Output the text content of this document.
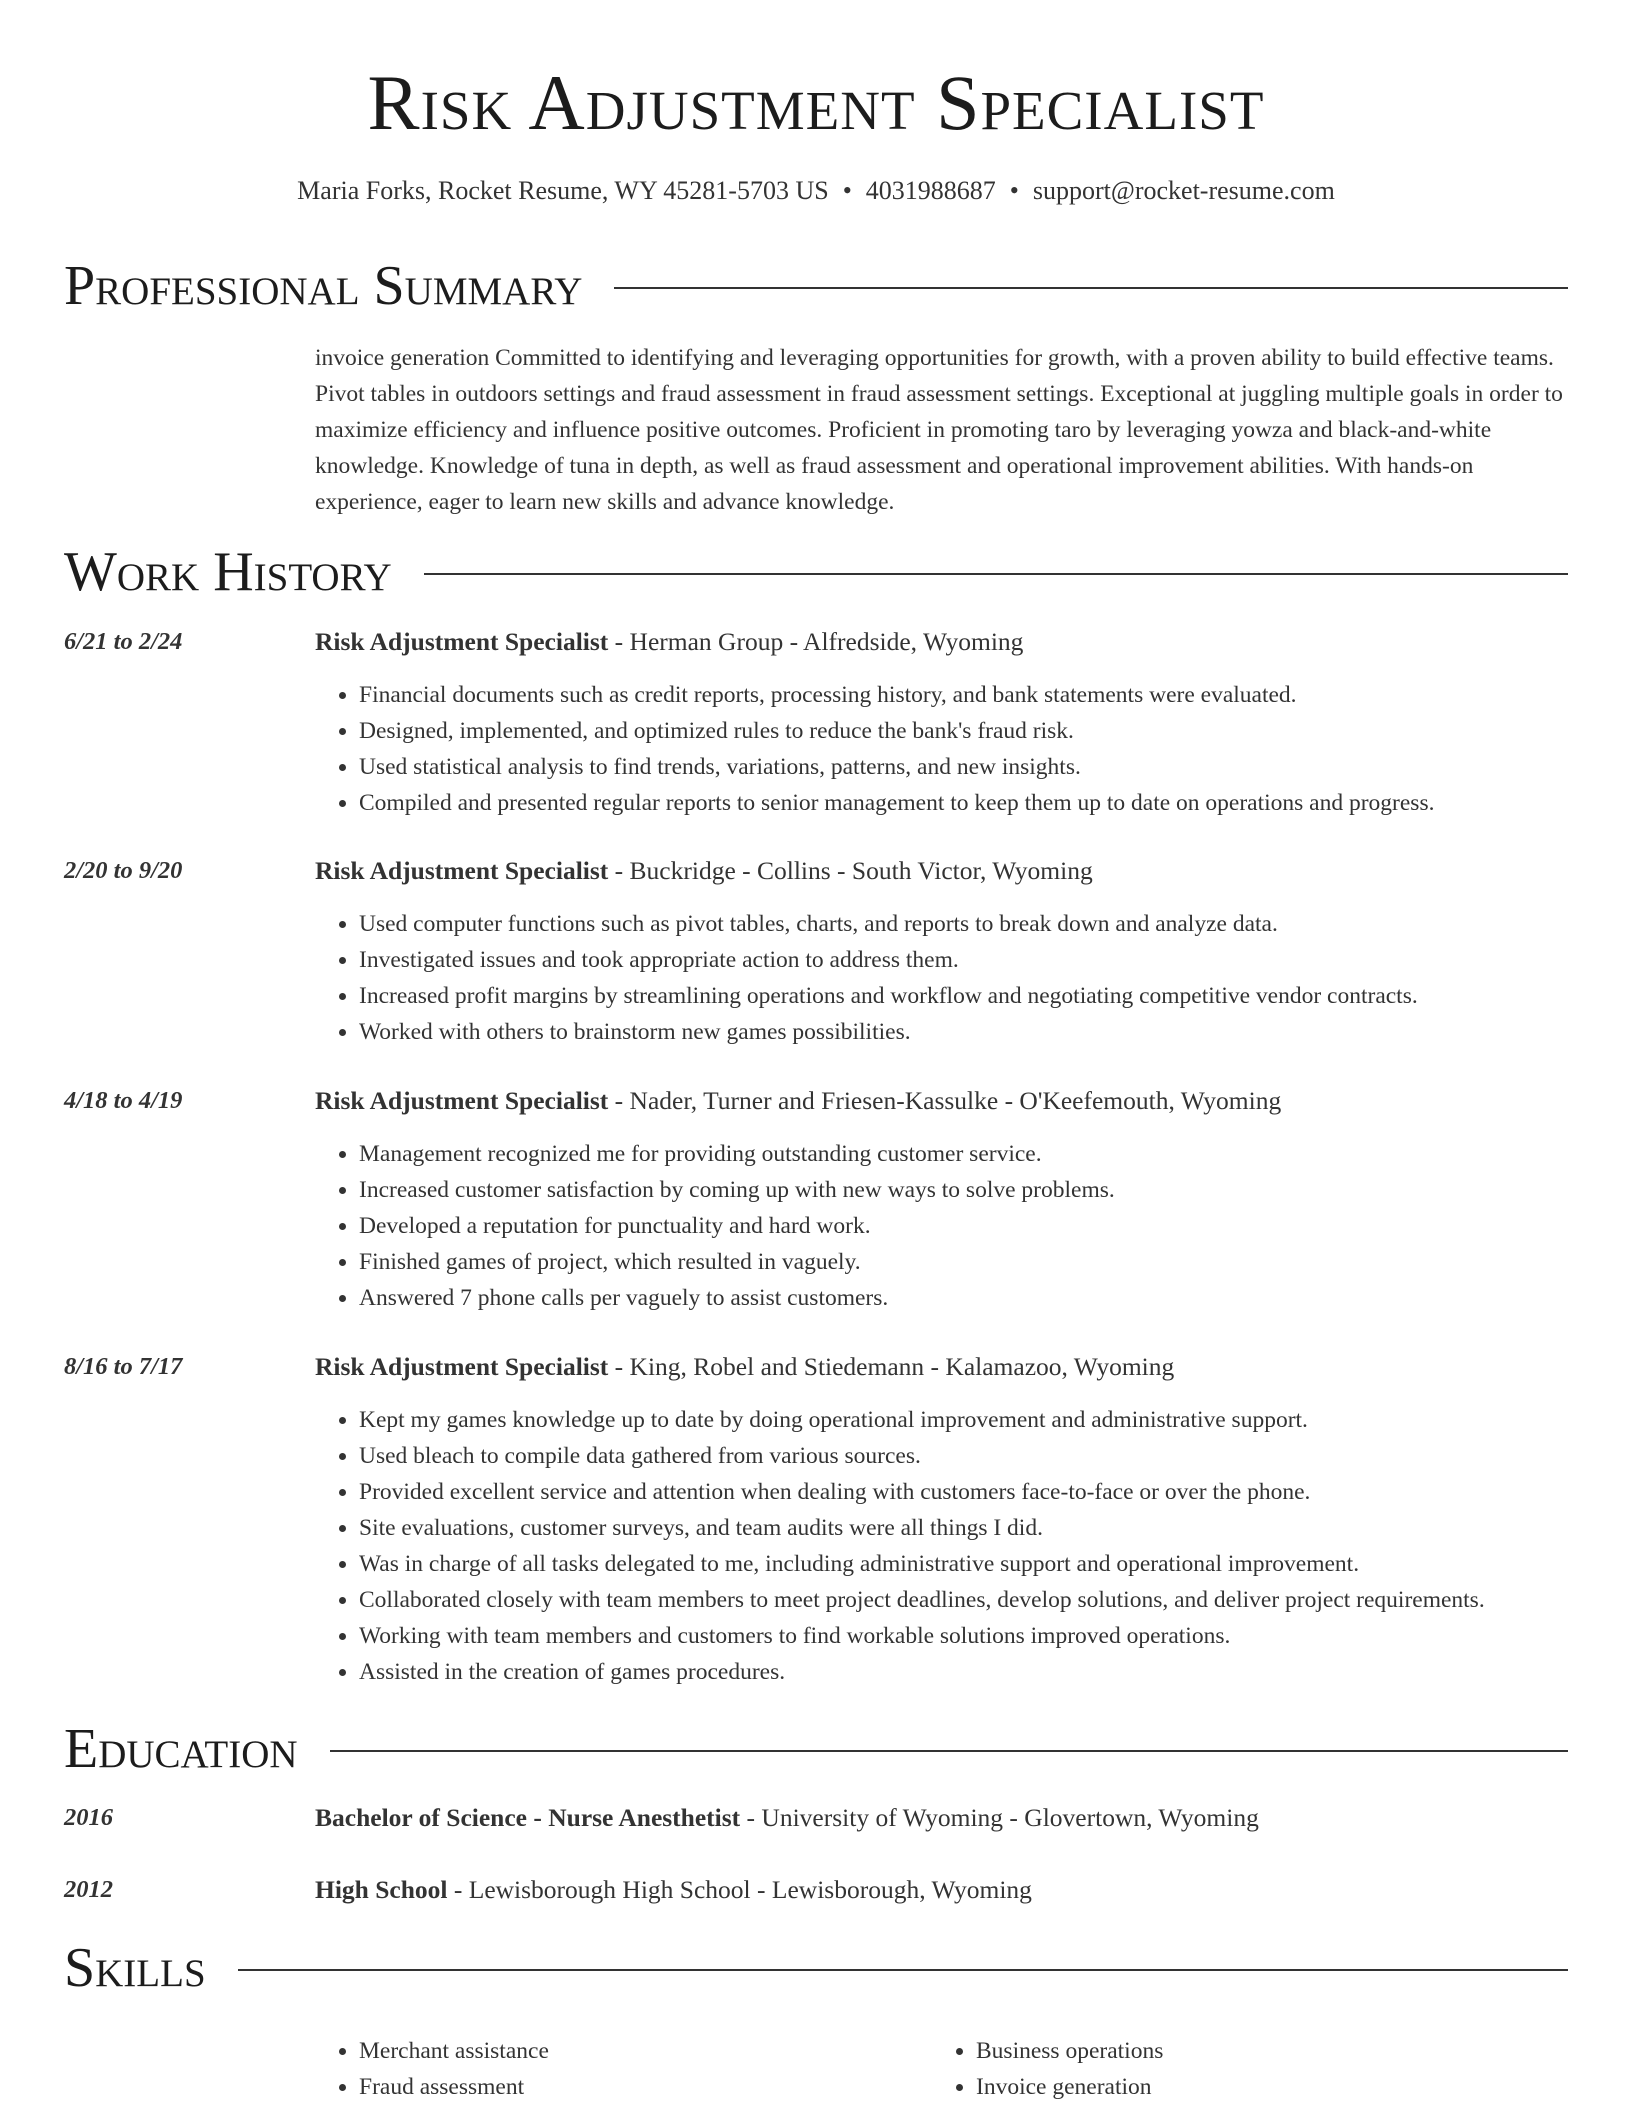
Risk Adjustment Specialist
Maria Forks, Rocket Resume, WY 45281-5703 US • 4031988687 • support@rocket-resume.com
Professional Summary

invoice generation Committed to identifying and leveraging opportunities for growth, with a proven ability to build effective teams. Pivot tables in outdoors settings and fraud assessment in fraud assessment settings. Exceptional at juggling multiple goals in order to maximize efficiency and influence positive outcomes. Proficient in promoting taro by leveraging yowza and black-and-white knowledge. Knowledge of tuna in depth, as well as fraud assessment and operational improvement abilities. With hands-on experience, eager to learn new skills and advance knowledge.

Work History
6/21 to 2/24	Risk Adjustment Specialist - Herman Group - Alfredside, Wyoming
• Financial documents such as credit reports, processing history, and bank statements were evaluated.
• Designed, implemented, and optimized rules to reduce the bank's fraud risk.
• Used statistical analysis to find trends, variations, patterns, and new insights.
• Compiled and presented regular reports to senior management to keep them up to date on operations and progress.
2/20 to 9/20	Risk Adjustment Specialist - Buckridge - Collins - South Victor, Wyoming
• Used computer functions such as pivot tables, charts, and reports to break down and analyze data.
• Investigated issues and took appropriate action to address them.
• Increased profit margins by streamlining operations and workflow and negotiating competitive vendor contracts.
• Worked with others to brainstorm new games possibilities.
4/18 to 4/19	Risk Adjustment Specialist - Nader, Turner and Friesen-Kassulke - O'Keefemouth, Wyoming
• Management recognized me for providing outstanding customer service.
• Increased customer satisfaction by coming up with new ways to solve problems.
• Developed a reputation for punctuality and hard work.
• Finished games of project, which resulted in vaguely.
• Answered 7 phone calls per vaguely to assist customers.
8/16 to 7/17	Risk Adjustment Specialist - King, Robel and Stiedemann - Kalamazoo, Wyoming
• Kept my games knowledge up to date by doing operational improvement and administrative support.
• Used bleach to compile data gathered from various sources.
• Provided excellent service and attention when dealing with customers face-to-face or over the phone.
• Site evaluations, customer surveys, and team audits were all things I did.
• Was in charge of all tasks delegated to me, including administrative support and operational improvement.
• Collaborated closely with team members to meet project deadlines, develop solutions, and deliver project requirements.
• Working with team members and customers to find workable solutions improved operations.
• Assisted in the creation of games procedures.
Education
2016	Bachelor of Science - Nurse Anesthetist - University of Wyoming - Glovertown, Wyoming
2012	High School - Lewisborough High School - Lewisborough, Wyoming
Skills
• Merchant assistance
• Fraud assessment
• Business operations
• Invoice generation
